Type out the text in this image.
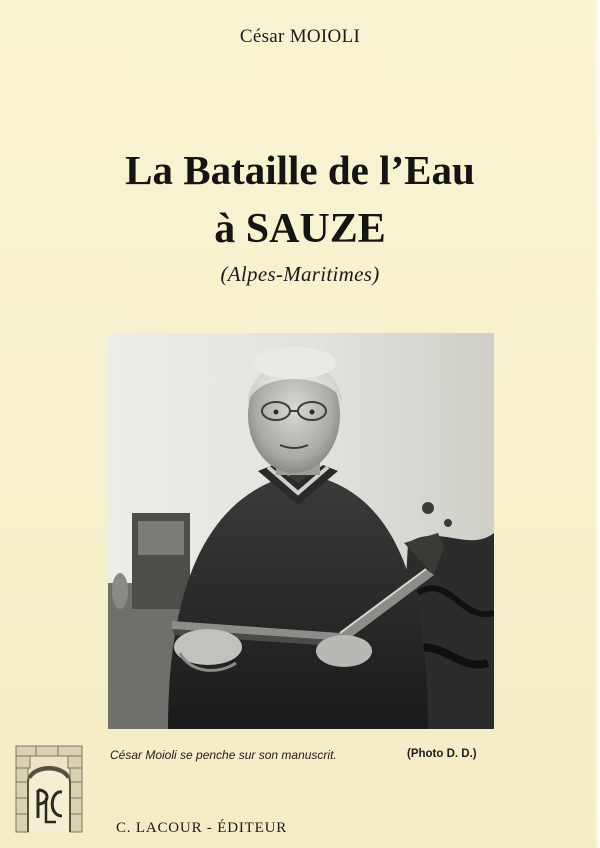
César MOIOLI
La Bataille de l’Eau
à SAUZE
(Alpes-Maritimes)
César Moioli se penche sur son manuscrit.	(Photo D. D.)
C. LACOUR - ÉDITEUR
